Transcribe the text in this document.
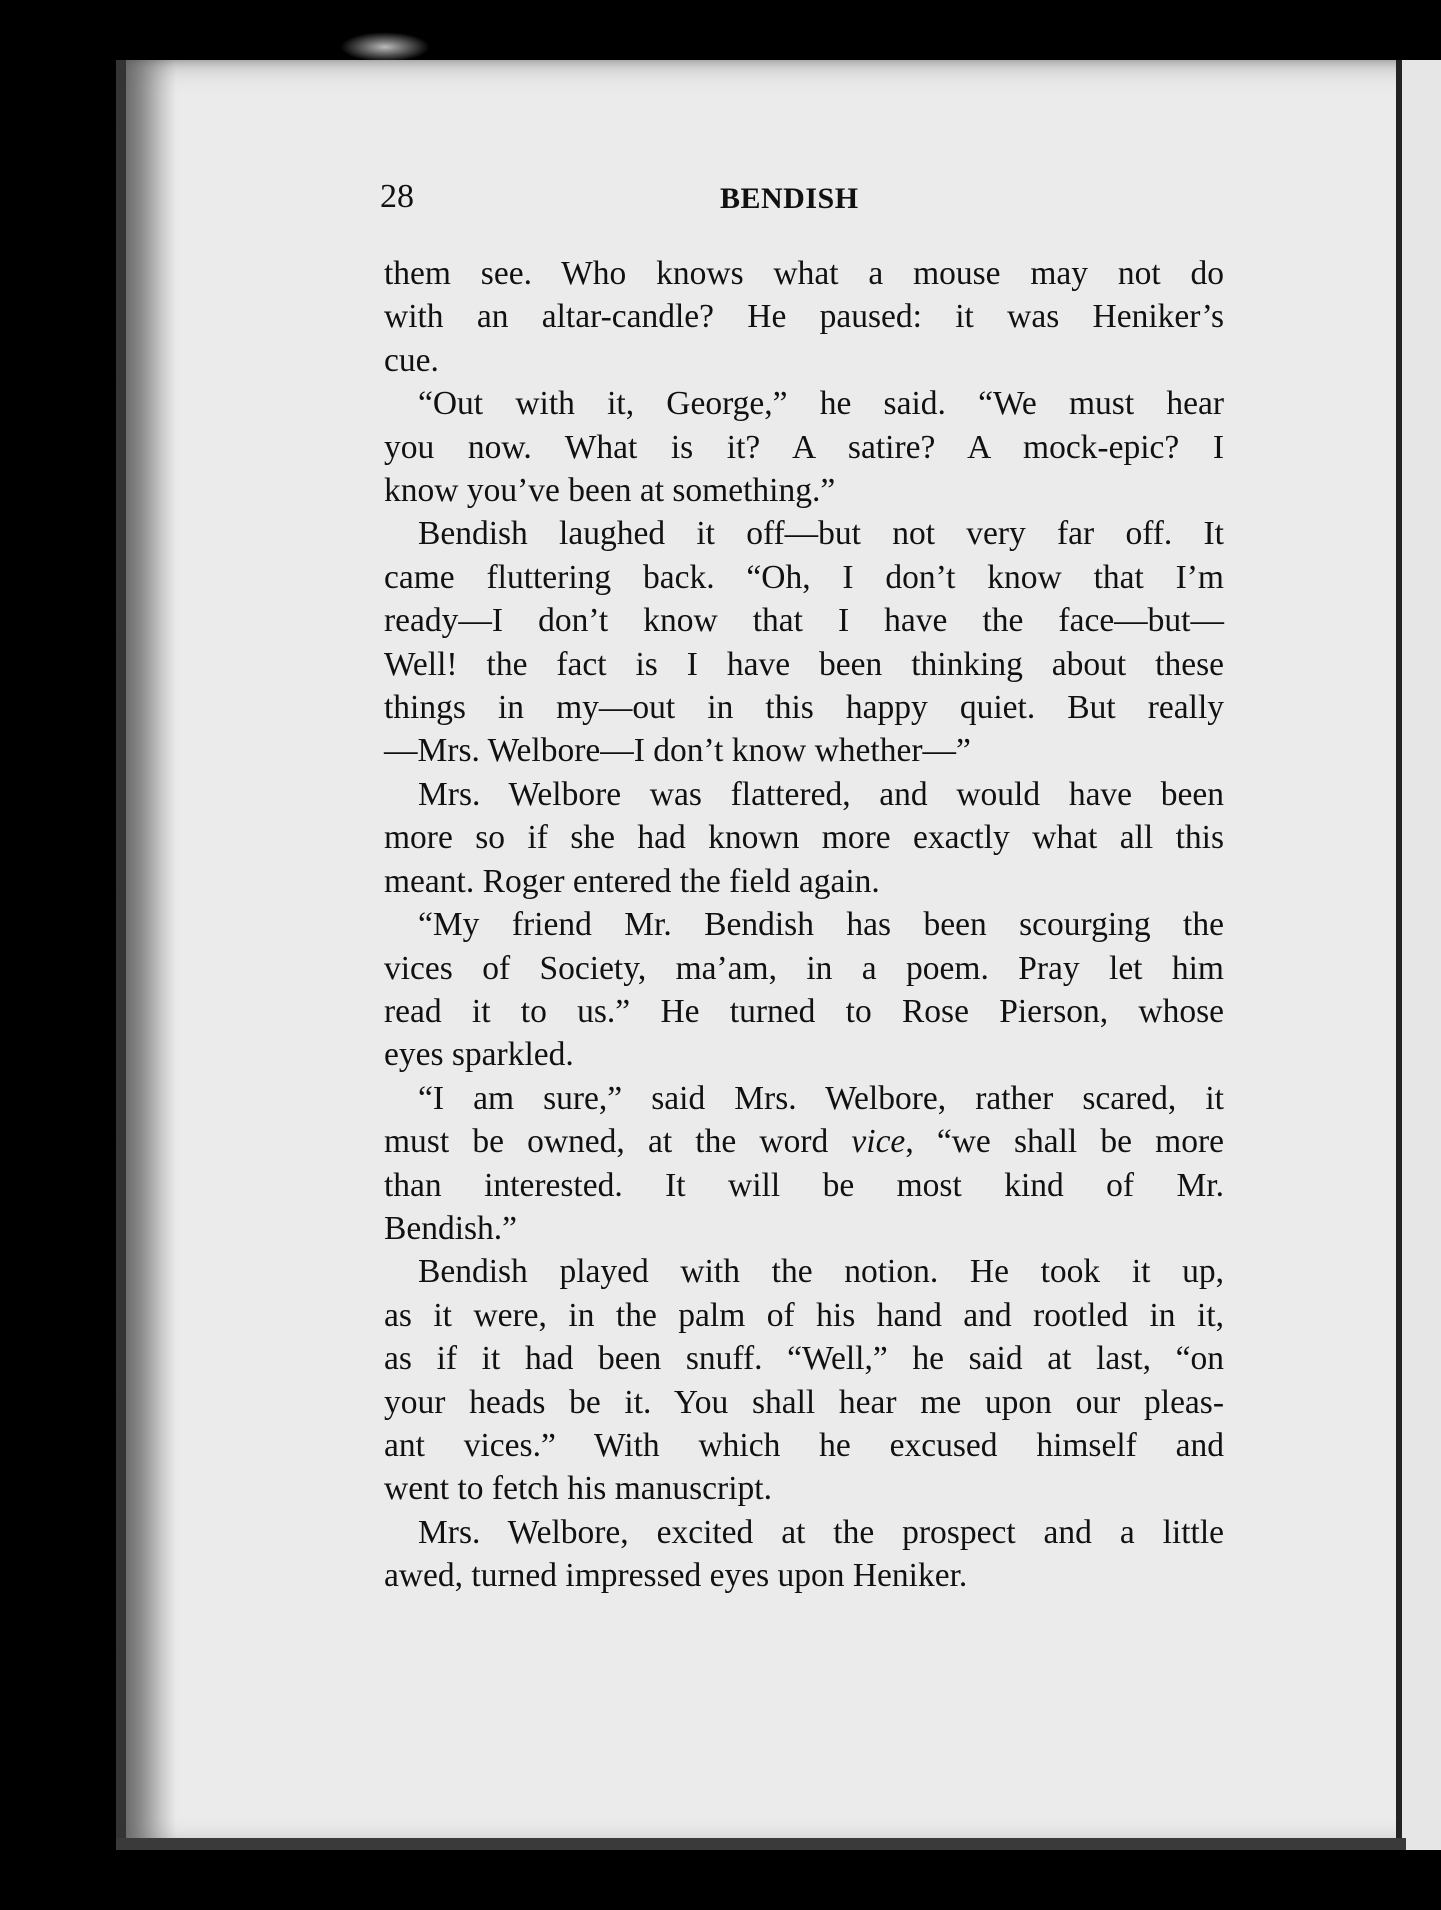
28	BENDISH
them see. Who knows what a mouse may not do
with an altar-candle? He paused: it was Heniker’s
cue.
“Out with it, George,” he said. “We must hear
you now. What is it? A satire? A mock-epic? I
know you’ve been at something.”
Bendish laughed it off—but not very far off. It
came fluttering back. “Oh, I don’t know that I’m
ready—I don’t know that I have the face—but—
Well! the fact is I have been thinking about these
things in my—out in this happy quiet. But really
—Mrs. Welbore—I don’t know whether—”
Mrs. Welbore was flattered, and would have been
more so if she had known more exactly what all this
meant. Roger entered the field again.
“My friend Mr. Bendish has been scourging the
vices of Society, ma’am, in a poem. Pray let him
read it to us.” He turned to Rose Pierson, whose
eyes sparkled.
“I am sure,” said Mrs. Welbore, rather scared, it
must be owned, at the word vice, “we shall be more
than interested. It will be most kind of Mr.
Bendish.”
Bendish played with the notion. He took it up,
as it were, in the palm of his hand and rootled in it,
as if it had been snuff. “Well,” he said at last, “on
your heads be it. You shall hear me upon our pleas-
ant vices.” With which he excused himself and
went to fetch his manuscript.
Mrs. Welbore, excited at the prospect and a little
awed, turned impressed eyes upon Heniker.
